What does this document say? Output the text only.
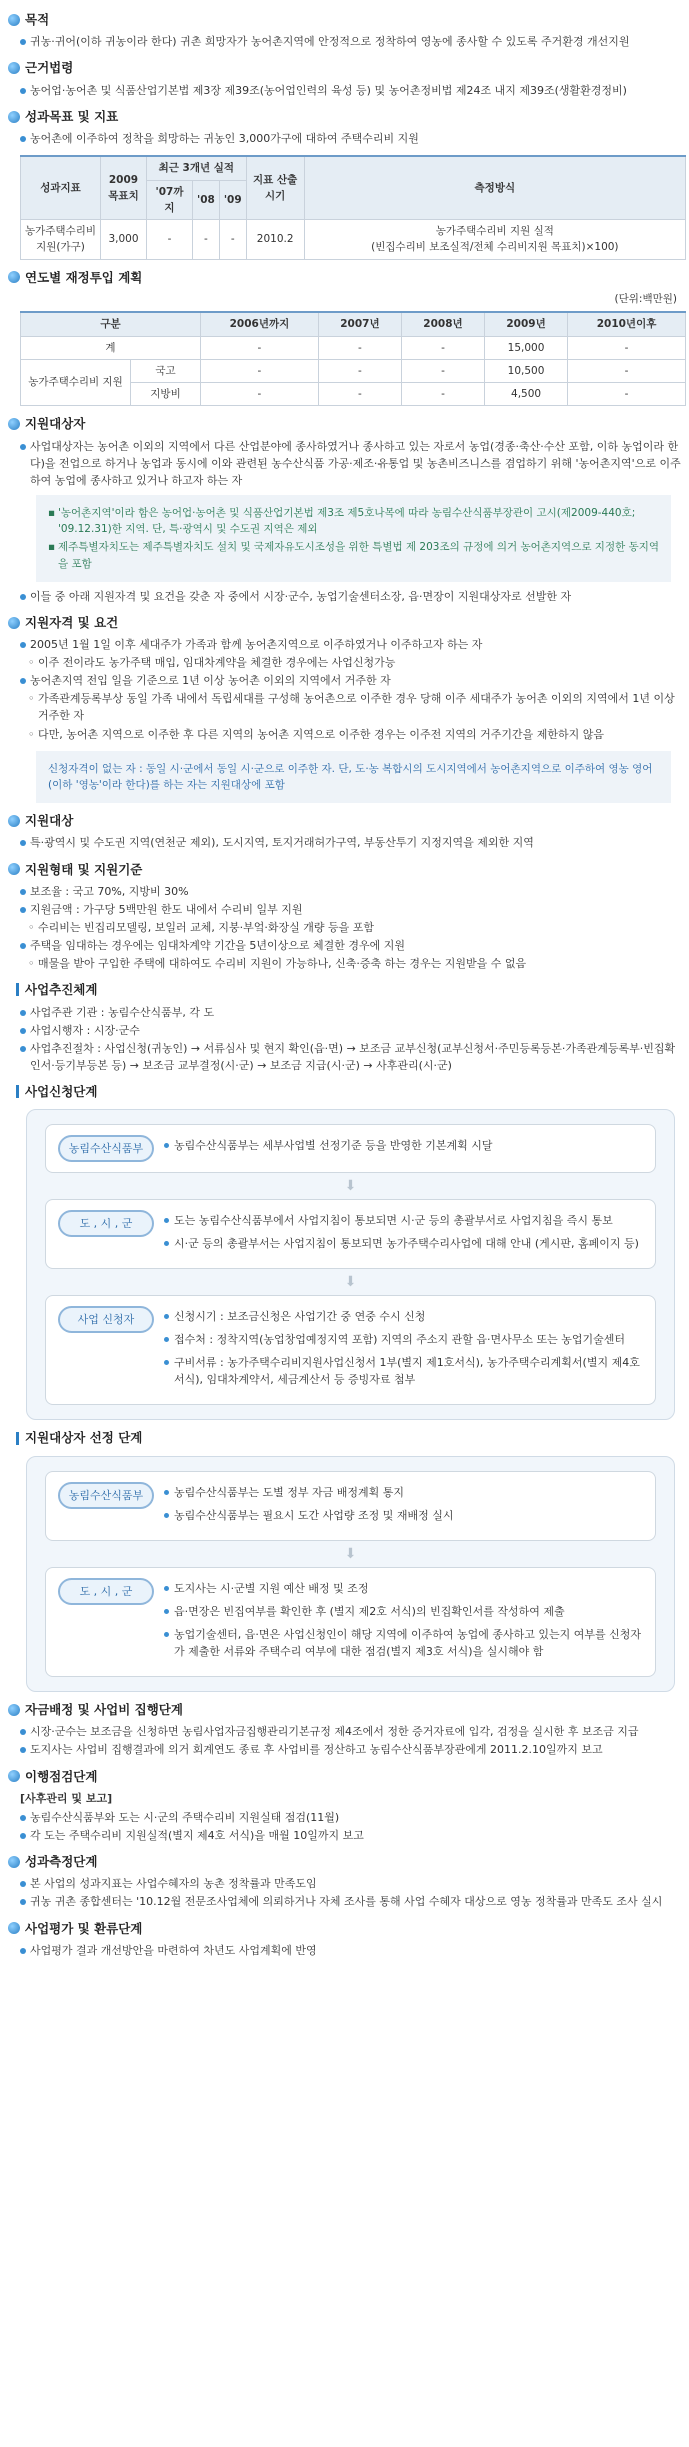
목적
귀농·귀어(이하 귀농이라 한다) 귀촌 희망자가 농어촌지역에 안정적으로 정착하여 영농에 종사할 수 있도록 주거환경 개선지원
근거법령
농어업·농어촌 및 식품산업기본법 제3장 제39조(농어업인력의 육성 등) 및 농어촌정비법 제24조 내지 제39조(생활환경정비)
성과목표 및 지표
농어촌에 이주하여 정착을 희망하는 귀농인 3,000가구에 대하여 주택수리비 지원
성과지표	2009 목표치	최근 3개년 실적			지표 산출시기	측정방식
		'07까지	'08	'09		
농가주택수리비 지원(가구)	3,000	-	-	-	2010.2	농가주택수리비 지원 실적
(빈집수리비 보조실적/전체 수리비지원 목표치)×100)
연도별 재정투입 계획
(단위:백만원)
구분		2006년까지	2007년	2008년	2009년	2010년이후
계		-	-	-	15,000	-
농가주택수리비 지원	국고	-	-	-	10,500	-
	지방비	-	-	-	4,500	-
지원대상자
사업대상자는 농어촌 이외의 지역에서 다른 산업분야에 종사하였거나 종사하고 있는 자로서 농업(경종·축산·수산 포함, 이하 농업이라 한다)을 전업으로 하거나 농업과 동시에 이와 관련된 농수산식품 가공·제조·유통업 및 농촌비즈니스를 겸업하기 위해 '농어촌지역'으로 이주하여 농업에 종사하고 있거나 하고자 하는 자
▪ '농어촌지역'이라 함은 농어업·농어촌 및 식품산업기본법 제3조 제5호나목에 따라 농림수산식품부장관이 고시(제2009-440호; '09.12.31)한 지역. 단, 특·광역시 및 수도권 지역은 제외
▪ 제주특별자치도는 제주특별자치도 설치 및 국제자유도시조성을 위한 특별법 제 203조의 규정에 의거 농어촌지역으로 지정한 동지역을 포함
이들 중 아래 지원자격 및 요건을 갖춘 자 중에서 시장·군수, 농업기술센터소장, 읍·면장이 지원대상자로 선발한 자
지원자격 및 요건
2005년 1월 1일 이후 세대주가 가족과 함께 농어촌지역으로 이주하였거나 이주하고자 하는 자
◦ 이주 전이라도 농가주택 매입, 임대차계약을 체결한 경우에는 사업신청가능
농어촌지역 전입 일을 기준으로 1년 이상 농어촌 이외의 지역에서 거주한 자
◦ 가족관계등록부상 동일 가족 내에서 독립세대를 구성해 농어촌으로 이주한 경우 당해 이주 세대주가 농어촌 이외의 지역에서 1년 이상 거주한 자
◦ 다만, 농어촌 지역으로 이주한 후 다른 지역의 농어촌 지역으로 이주한 경우는 이주전 지역의 거주기간을 제한하지 않음
신청자격이 없는 자 : 동일 시·군에서 동일 시·군으로 이주한 자. 단, 도·농 복합시의 도시지역에서 농어촌지역으로 이주하여 영농 영어(이하 '영농'이라 한다)를 하는 자는 지원대상에 포함
지원대상
특·광역시 및 수도권 지역(연천군 제외), 도시지역, 토지거래허가구역, 부동산투기 지정지역을 제외한 지역
지원형태 및 지원기준
보조율 : 국고 70%, 지방비 30%
지원금액 : 가구당 5백만원 한도 내에서 수리비 일부 지원
◦ 수리비는 빈집리모델링, 보일러 교체, 지붕·부엌·화장실 개량 등을 포함
주택을 임대하는 경우에는 임대차계약 기간을 5년이상으로 체결한 경우에 지원
◦ 매물을 받아 구입한 주택에 대하여도 수리비 지원이 가능하나, 신축·증축 하는 경우는 지원받을 수 없음
사업추진체계
사업주관 기관 : 농림수산식품부, 각 도
사업시행자 : 시장·군수
사업추진절차 : 사업신청(귀농인) → 서류심사 및 현지 확인(읍·면) → 보조금 교부신청(교부신청서·주민등록등본·가족관계등록부·빈집확인서·등기부등본 등) → 보조금 교부결정(시·군) → 보조금 지급(시·군) → 사후관리(시·군)
사업신청단계
농림수산식품부	농림수산식품부는 세부사업별 선정기준 등을 반영한 기본계획 시달
⬇
도 , 시 , 군	도는 농림수산식품부에서 사업지침이 통보되면 시·군 등의 총괄부서로 사업지침을 즉시 통보
시·군 등의 총괄부서는 사업지침이 통보되면 농가주택수리사업에 대해 안내 (게시판, 홈페이지 등)
⬇
사업 신청자	신청시기 : 보조금신청은 사업기간 중 연중 수시 신청
접수처 : 정착지역(농업창업예정지역 포함) 지역의 주소지 관할 읍·면사무소 또는 농업기술센터
구비서류 : 농가주택수리비지원사업신청서 1부(별지 제1호서식), 농가주택수리계획서(별지 제4호서식), 임대차계약서, 세금계산서 등 증빙자료 첨부
지원대상자 선정 단계
농림수산식품부	농림수산식품부는 도별 정부 자금 배정계획 통지
농림수산식품부는 필요시 도간 사업량 조정 및 재배정 실시
⬇
도 , 시 , 군	도지사는 시·군별 지원 예산 배정 및 조정
읍·면장은 빈집여부를 확인한 후 (별지 제2호 서식)의 빈집확인서를 작성하여 제출
농업기술센터, 읍·면은 사업신청인이 해당 지역에 이주하여 농업에 종사하고 있는지 여부를 신청자가 제출한 서류와 주택수리 여부에 대한 점검(별지 제3호 서식)을 실시해야 함
자금배정 및 사업비 집행단계
시장·군수는 보조금을 신청하면 농림사업자금집행관리기본규정 제4조에서 정한 증거자료에 입각, 검정을 실시한 후 보조금 지급
도지사는 사업비 집행결과에 의거 회계연도 종료 후 사업비를 정산하고 농림수산식품부장관에게 2011.2.10일까지 보고
이행점검단계
[사후관리 및 보고]
농림수산식품부와 도는 시·군의 주택수리비 지원실태 점검(11월)
각 도는 주택수리비 지원실적(별지 제4호 서식)을 매월 10일까지 보고
성과측정단계
본 사업의 성과지표는 사업수혜자의 농촌 정착률과 만족도임
귀농 귀촌 종합센터는 '10.12월 전문조사업체에 의뢰하거나 자체 조사를 통해 사업 수혜자 대상으로 영농 정착률과 만족도 조사 실시
사업평가 및 환류단계
사업평가 결과 개선방안을 마련하여 차년도 사업계획에 반영
